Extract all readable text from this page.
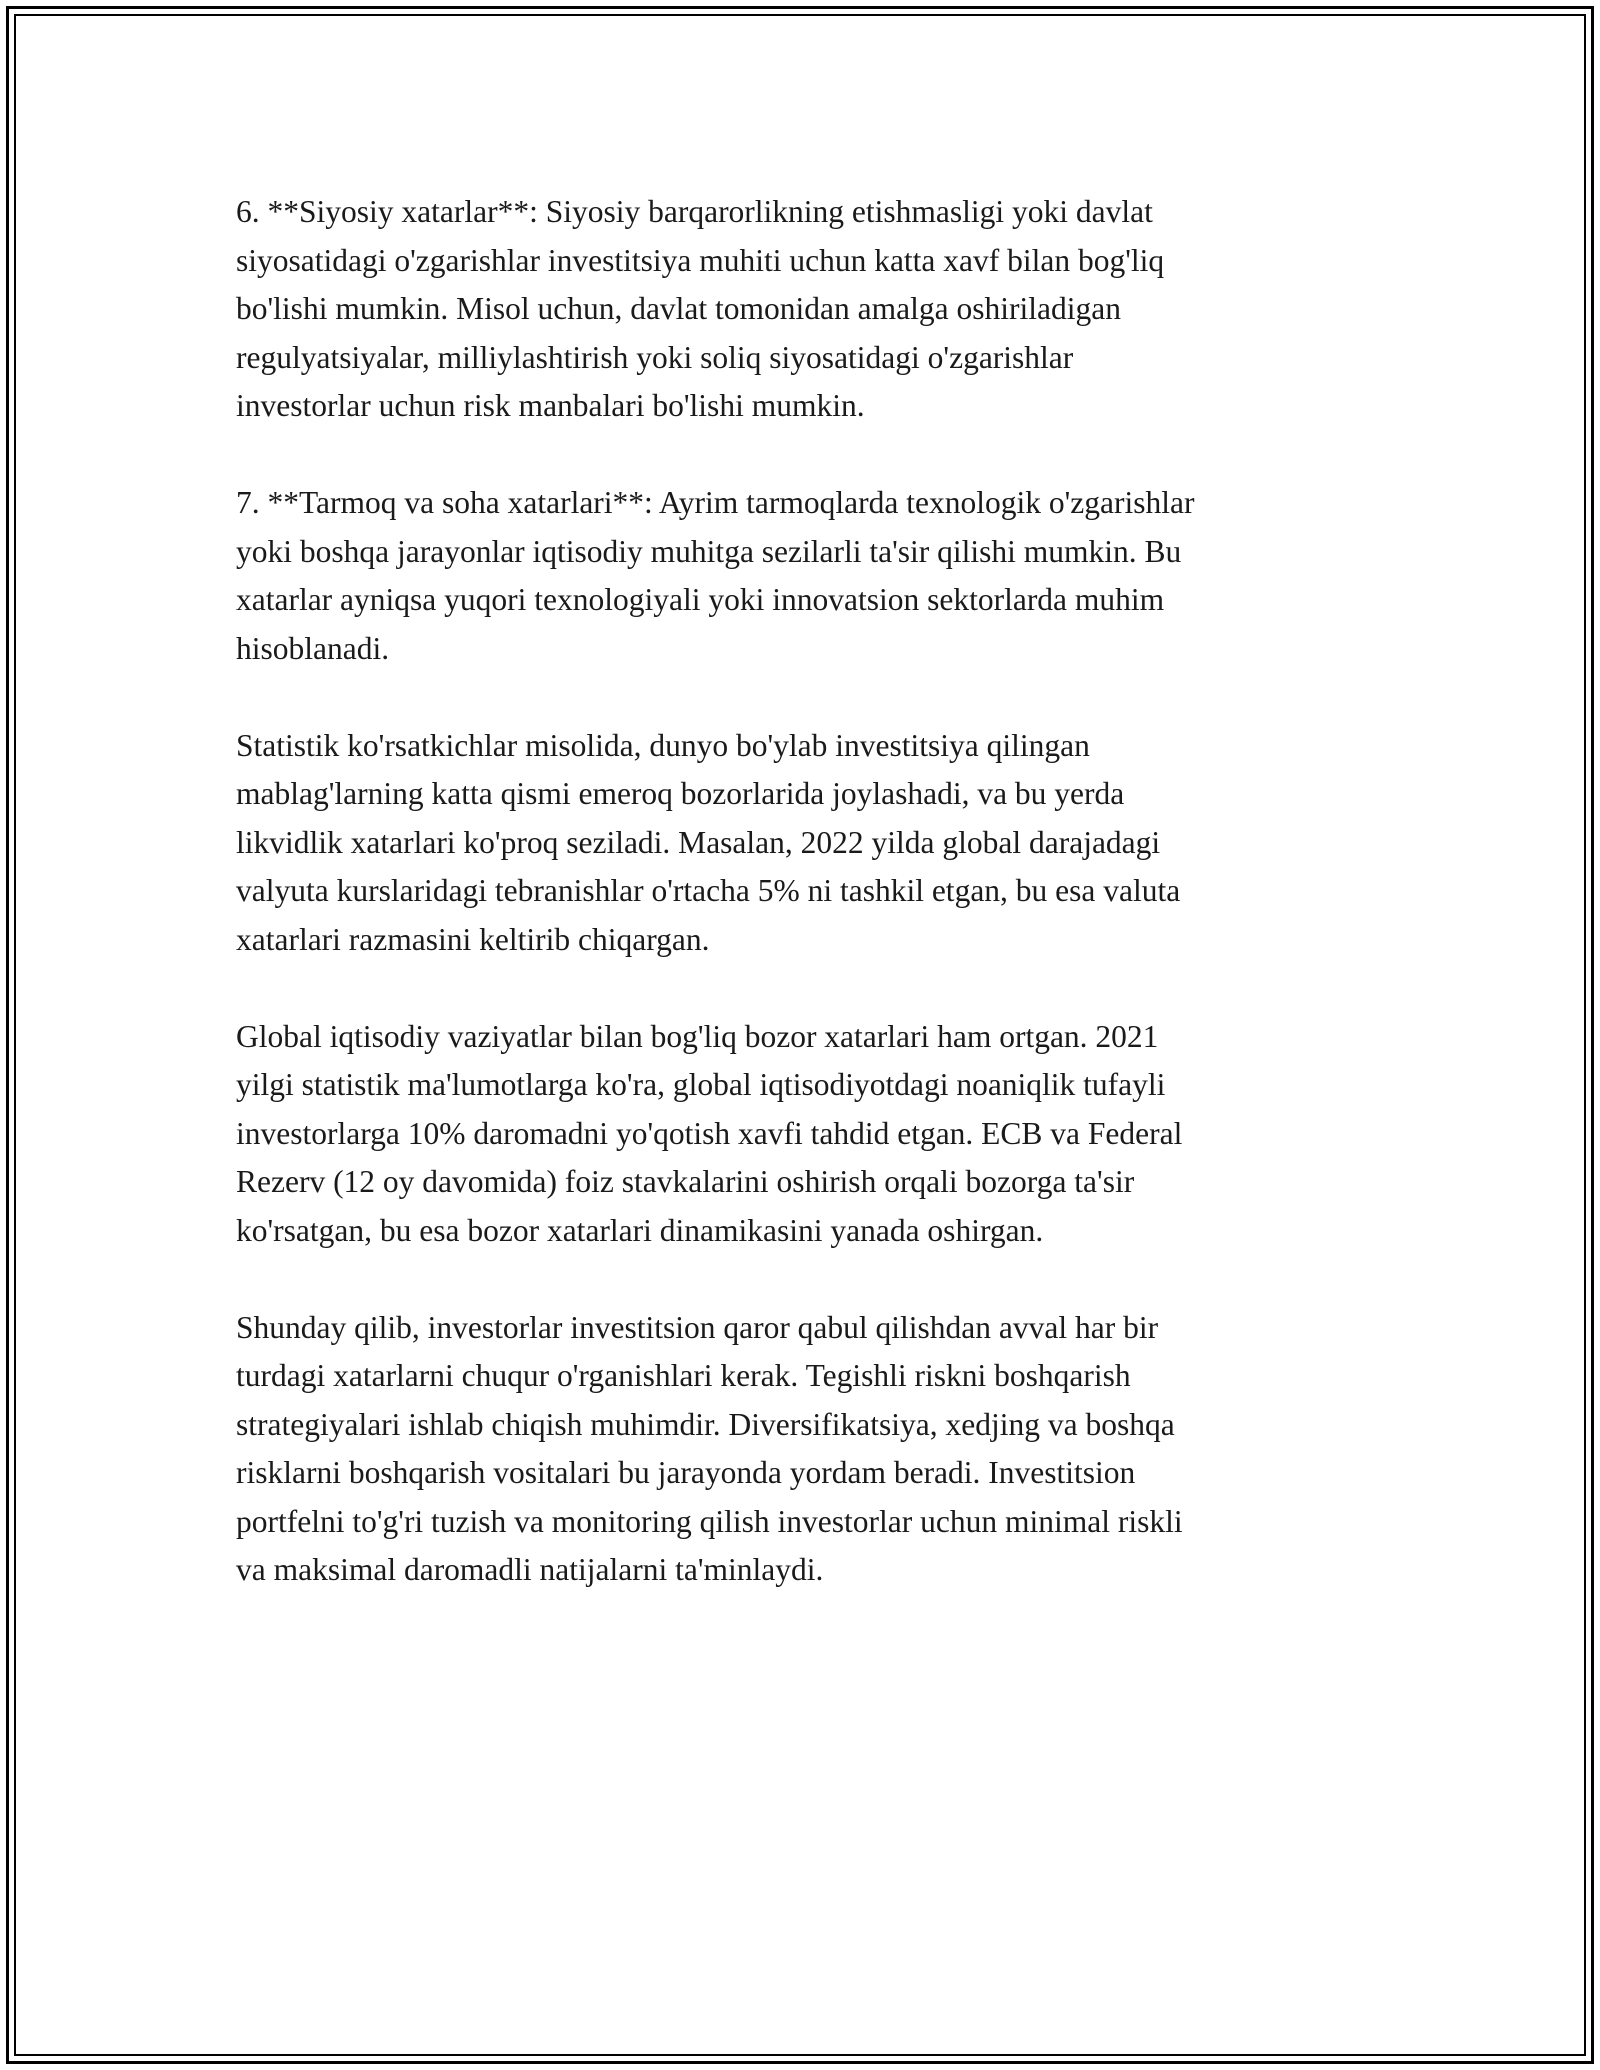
6. **Siyosiy xatarlar**: Siyosiy barqarorlikning etishmasligi yoki davlat
siyosatidagi o'zgarishlar investitsiya muhiti uchun katta xavf bilan bog'liq
bo'lishi mumkin. Misol uchun, davlat tomonidan amalga oshiriladigan
regulyatsiyalar, milliylashtirish yoki soliq siyosatidagi o'zgarishlar
investorlar uchun risk manbalari bo'lishi mumkin.

7. **Tarmoq va soha xatarlari**: Ayrim tarmoqlarda texnologik o'zgarishlar
yoki boshqa jarayonlar iqtisodiy muhitga sezilarli ta'sir qilishi mumkin. Bu
xatarlar ayniqsa yuqori texnologiyali yoki innovatsion sektorlarda muhim
hisoblanadi.

Statistik ko'rsatkichlar misolida, dunyo bo'ylab investitsiya qilingan
mablag'larning katta qismi emeroq bozorlarida joylashadi, va bu yerda
likvidlik xatarlari ko'proq seziladi. Masalan, 2022 yilda global darajadagi
valyuta kurslaridagi tebranishlar o'rtacha 5% ni tashkil etgan, bu esa valuta
xatarlari razmasini keltirib chiqargan.

Global iqtisodiy vaziyatlar bilan bog'liq bozor xatarlari ham ortgan. 2021
yilgi statistik ma'lumotlarga ko'ra, global iqtisodiyotdagi noaniqlik tufayli
investorlarga 10% daromadni yo'qotish xavfi tahdid etgan. ECB va Federal
Rezerv (12 oy davomida) foiz stavkalarini oshirish orqali bozorga ta'sir
ko'rsatgan, bu esa bozor xatarlari dinamikasini yanada oshirgan.

Shunday qilib, investorlar investitsion qaror qabul qilishdan avval har bir
turdagi xatarlarni chuqur o'rganishlari kerak. Tegishli riskni boshqarish
strategiyalari ishlab chiqish muhimdir. Diversifikatsiya, xedjing va boshqa
risklarni boshqarish vositalari bu jarayonda yordam beradi. Investitsion
portfelni to'g'ri tuzish va monitoring qilish investorlar uchun minimal riskli
va maksimal daromadli natijalarni ta'minlaydi.
